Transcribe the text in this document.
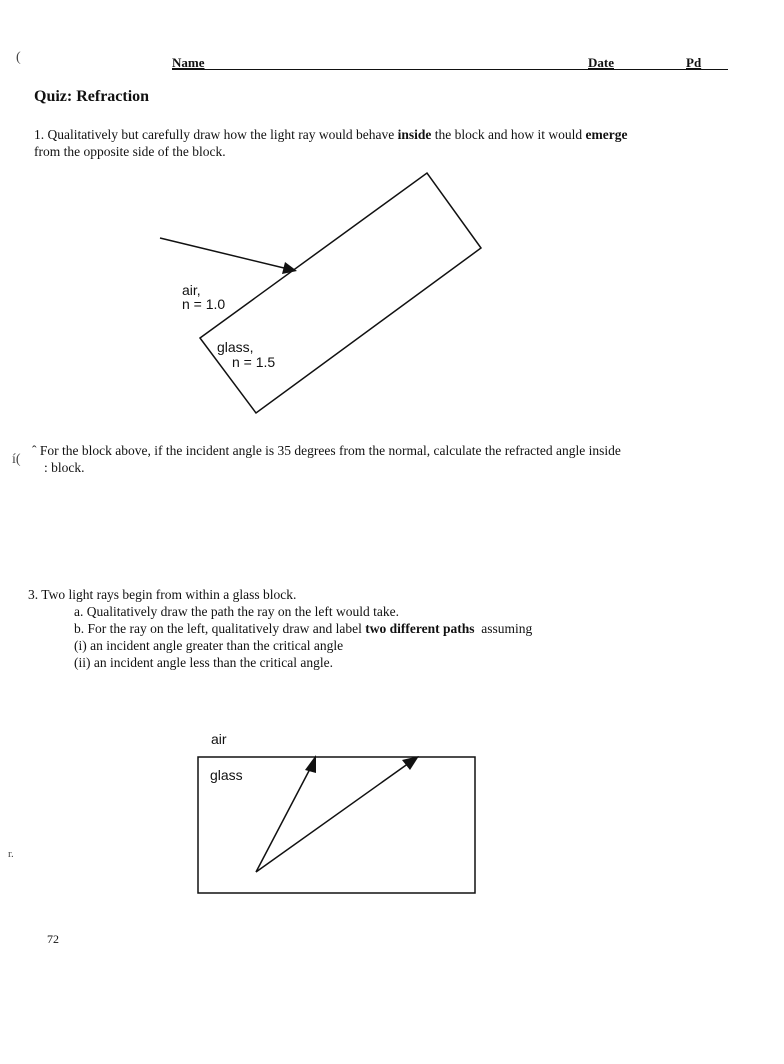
(
í(
r.
Name	Date	Pd
Quiz: Refraction
1. Qualitatively but carefully draw how the light ray would behave inside the block and how it would emerge
from the opposite side of the block.
air,
n = 1.0
glass,
n = 1.5
ˆ For the block above, if the incident angle is 35 degrees from the normal, calculate the refracted angle inside
: block.
3. Two light rays begin from within a glass block.
a. Qualitatively draw the path the ray on the left would take.
b. For the ray on the left, qualitatively draw and label two different paths assuming
(i) an incident angle greater than the critical angle
(ii) an incident angle less than the critical angle.
air
glass
72
